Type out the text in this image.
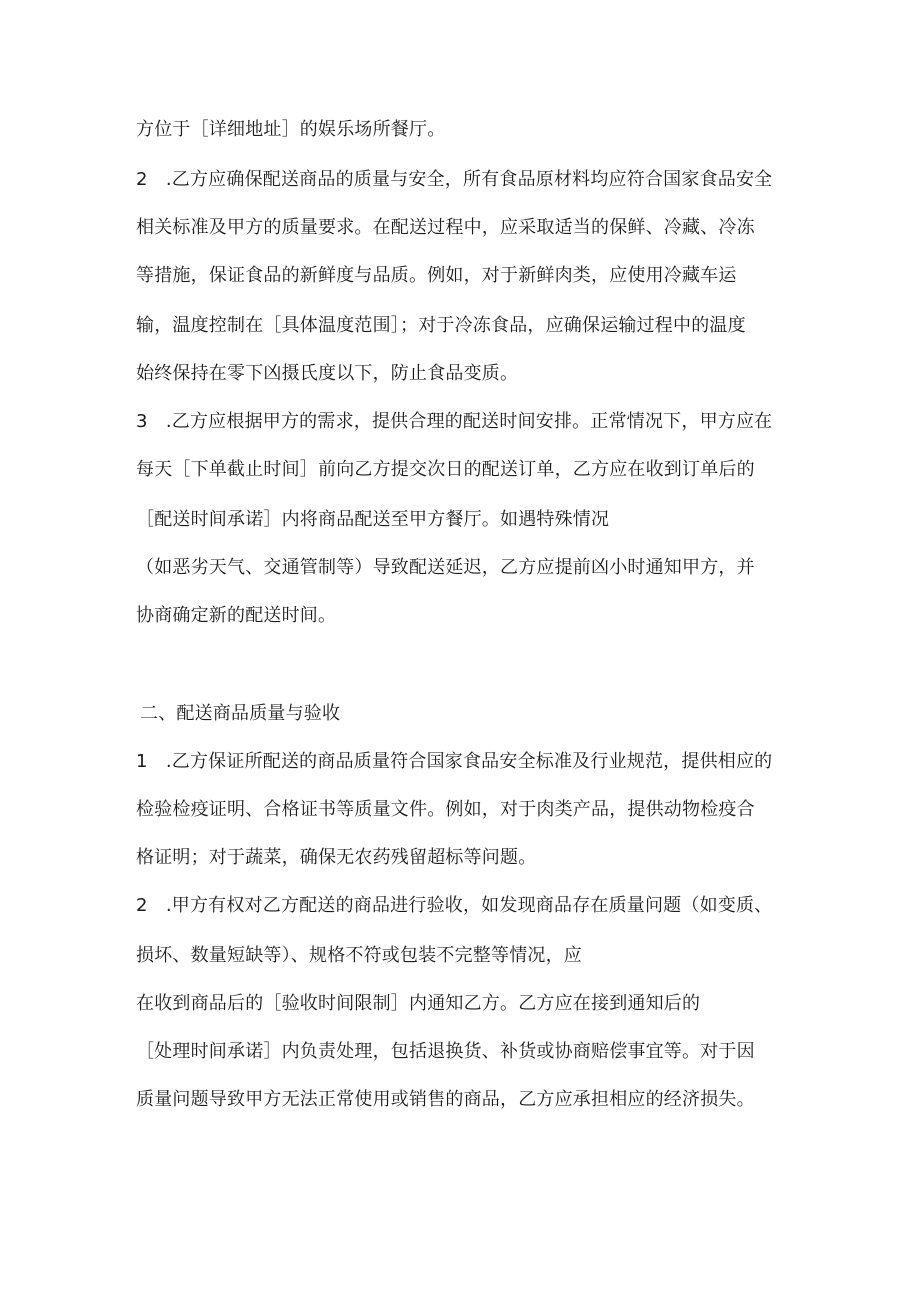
方位于［详细地址］的娱乐场所餐厅。
2　.乙方应确保配送商品的质量与安全，所有食品原材料均应符合国家食品安全
相关标准及甲方的质量要求。在配送过程中，应采取适当的保鲜、冷藏、冷冻
等措施，保证食品的新鲜度与品质。例如，对于新鲜肉类，应使用冷藏车运
输，温度控制在［具体温度范围］；对于冷冻食品，应确保运输过程中的温度
始终保持在零下凶摄氏度以下，防止食品变质。
3　.乙方应根据甲方的需求，提供合理的配送时间安排。正常情况下，甲方应在
每天［下单截止时间］前向乙方提交次日的配送订单，乙方应在收到订单后的
［配送时间承诺］内将商品配送至甲方餐厅。如遇特殊情况
（如恶劣天气、交通管制等）导致配送延迟，乙方应提前凶小时通知甲方，并
协商确定新的配送时间。
二、配送商品质量与验收
1　.乙方保证所配送的商品质量符合国家食品安全标准及行业规范，提供相应的
检验检疫证明、合格证书等质量文件。例如，对于肉类产品，提供动物检疫合
格证明；对于蔬菜，确保无农药残留超标等问题。
2　.甲方有权对乙方配送的商品进行验收，如发现商品存在质量问题（如变质、
损坏、数量短缺等）、规格不符或包装不完整等情况，应
在收到商品后的［验收时间限制］内通知乙方。乙方应在接到通知后的
［处理时间承诺］内负责处理，包括退换货、补货或协商赔偿事宜等。对于因
质量问题导致甲方无法正常使用或销售的商品，乙方应承担相应的经济损失。
